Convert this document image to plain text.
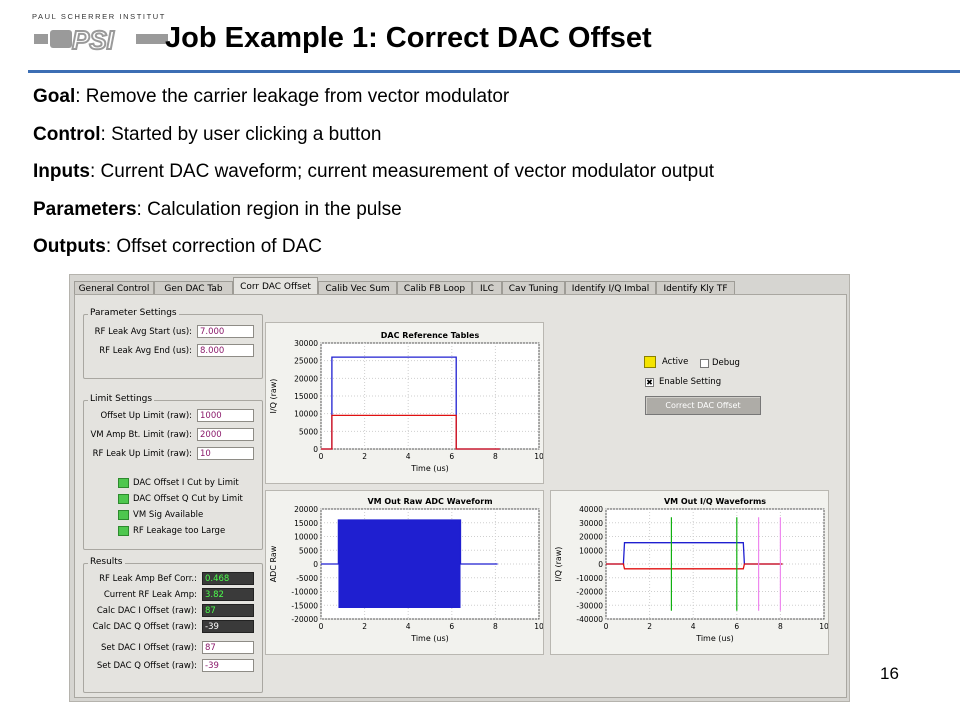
PAUL SCHERRER INSTITUT
PSI Job Example 1: Correct DAC Offset
Goal: Remove the carrier leakage from vector modulator
Control: Started by user clicking a button
Inputs: Current DAC waveform; current measurement of vector modulator output
Parameters: Calculation region in the pulse
Outputs: Offset correction of DAC
General Control	Gen DAC Tab	Corr DAC Offset	Calib Vec Sum	Calib FB Loop	ILC	Cav Tuning	Identify I/Q Imbal	Identify Kly TF
Parameter Settings
RF Leak Avg Start (us): 7.000
RF Leak Avg End (us): 8.000
Limit Settings
Offset Up Limit (raw): 1000
VM Amp Bt. Limit (raw): 2000
RF Leak Up Limit (raw): 10
DAC Offset I Cut by Limit
DAC Offset Q Cut by Limit
VM Sig Available
RF Leakage too Large
Results
RF Leak Amp Bef Corr.: 0.468
Current RF Leak Amp: 3.82
Calc DAC I Offset (raw): 87
Calc DAC Q Offset (raw): -39
Set DAC I Offset (raw): 87
Set DAC Q Offset (raw): -39
DAC Reference Tables
0	2	4	6	8	10
0
5000
10000
15000
20000
25000
30000
Time (us)
I/Q (raw)
VM Out Raw ADC Waveform
0	2	4	6	8	10
-20000
-15000
-10000
-5000
0
5000
10000
15000
20000
Time (us)
ADC Raw
VM Out I/Q Waveforms
0	2	4	6	8	10
-40000
-30000
-20000
-10000
0
10000
20000
30000
40000
Time (us)
I/Q (raw)
Active	Debug
✖ Enable Setting
Correct DAC Offset
16
